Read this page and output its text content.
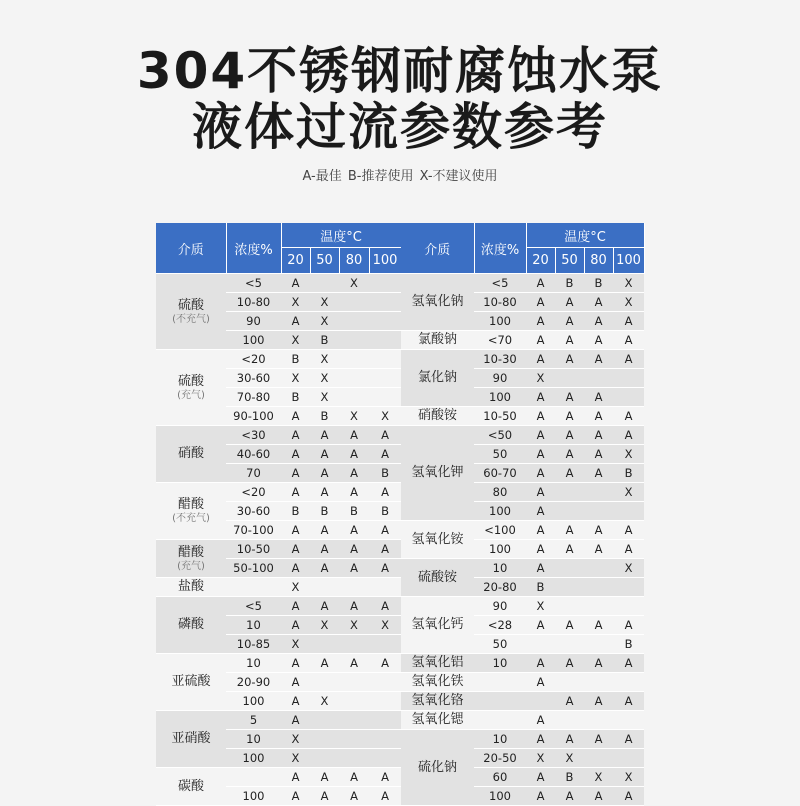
304不锈钢耐腐蚀水泵
液体过流参数参考
A-最佳 B-推荐使用 X-不建议使用
介质	浓度%	温度°C			
		20	50	80	100
硫酸
(不充气)	<5	A		X	
	10-80	X	X		
	90	A	X		
	100	X	B		
硫酸
(充气)	<20	B	X		
	30-60	X	X		
	70-80	B	X		
	90-100	A	B	X	X
硝酸	<30	A	A	A	A
	40-60	A	A	A	A
	70	A	A	A	B
醋酸
(不充气)	<20	A	A	A	A
	30-60	B	B	B	B
	70-100	A	A	A	A
醋酸
(充气)	10-50	A	A	A	A
	50-100	A	A	A	A
盐酸		X			
磷酸	<5	A	A	A	A
	10	A	X	X	X
	10-85	X			
亚硫酸	10	A	A	A	A
	20-90	A			
	100	A	X		
亚硝酸	5	A			
	10	X			
	100	X			
碳酸		A	A	A	A
	100	A	A	A	A
介质	浓度%	温度°C			
		20	50	80	100
氢氧化钠	<5	A	B	B	X
	10-80	A	A	A	X
	100	A	A	A	A
氯酸钠	<70	A	A	A	A
氯化钠	10-30	A	A	A	A
	90	X			
	100	A	A	A	
硝酸铵	10-50	A	A	A	A
氢氧化钾	<50	A	A	A	A
	50	A	A	A	X
	60-70	A	A	A	B
	80	A			X
	100	A			
氢氧化铵	<100	A	A	A	A
	100	A	A	A	A
硫酸铵	10	A			X
	20-80	B			
氢氧化钙	90	X			
	<28	A	A	A	A
	50				B
氢氧化铝	10	A	A	A	A
氢氧化铁		A			
氢氧化铬			A	A	A
氢氧化锶		A			
硫化钠	10	A	A	A	A
	20-50	X	X		
	60	A	B	X	X
	100	A	A	A	A
